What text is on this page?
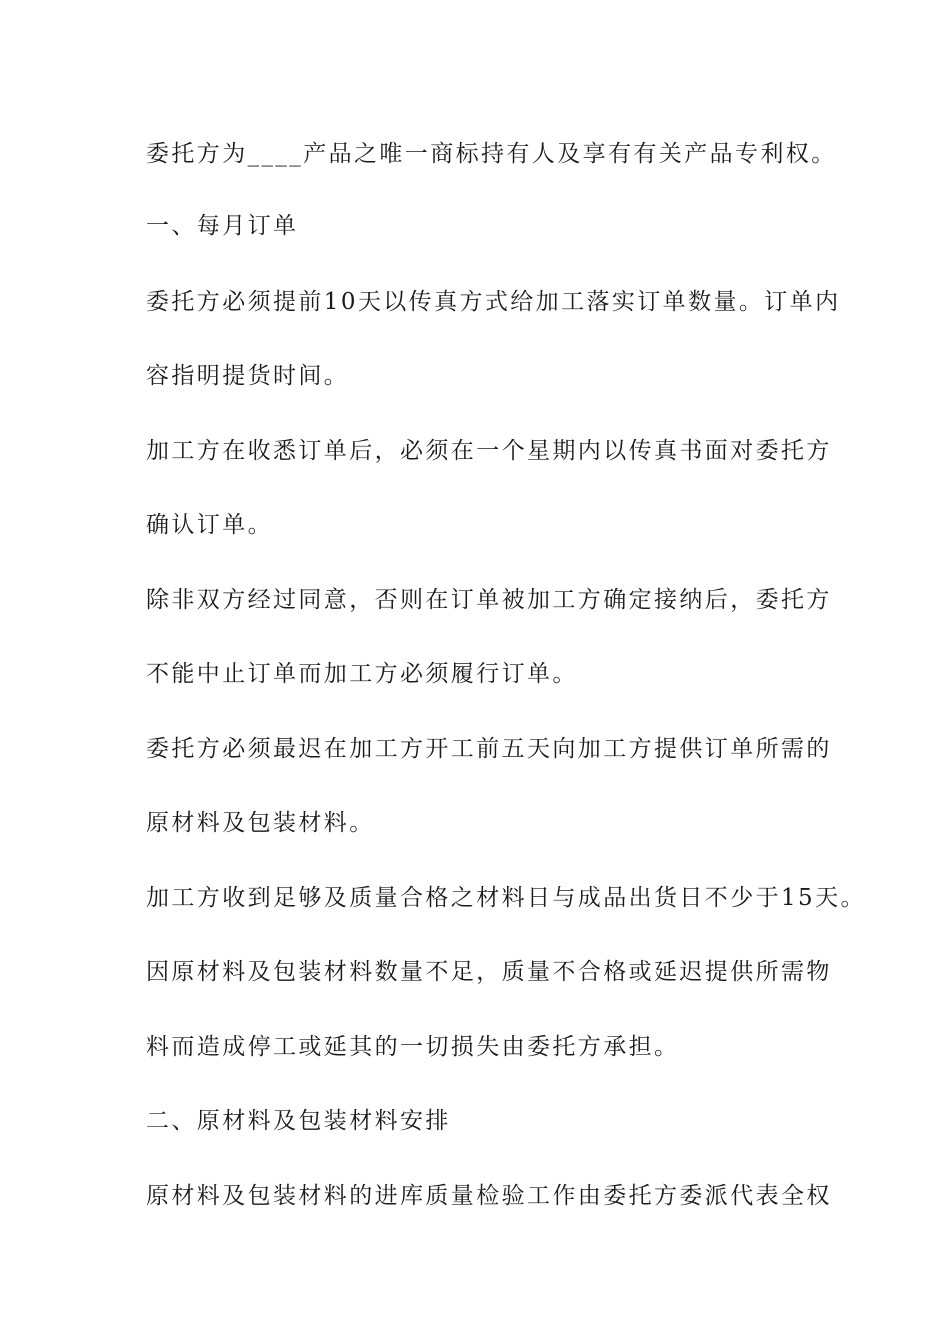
委托方为____产品之唯一商标持有人及享有有关产品专利权。

一、每月订单

委托方必须提前10天以传真方式给加工落实订单数量。订单内

容指明提货时间。

加工方在收悉订单后，必须在一个星期内以传真书面对委托方

确认订单。

除非双方经过同意，否则在订单被加工方确定接纳后，委托方

不能中止订单而加工方必须履行订单。

委托方必须最迟在加工方开工前五天向加工方提供订单所需的

原材料及包装材料。

加工方收到足够及质量合格之材料日与成品出货日不少于15天。

因原材料及包装材料数量不足，质量不合格或延迟提供所需物

料而造成停工或延其的一切损失由委托方承担。

二、原材料及包装材料安排

原材料及包装材料的进库质量检验工作由委托方委派代表全权
